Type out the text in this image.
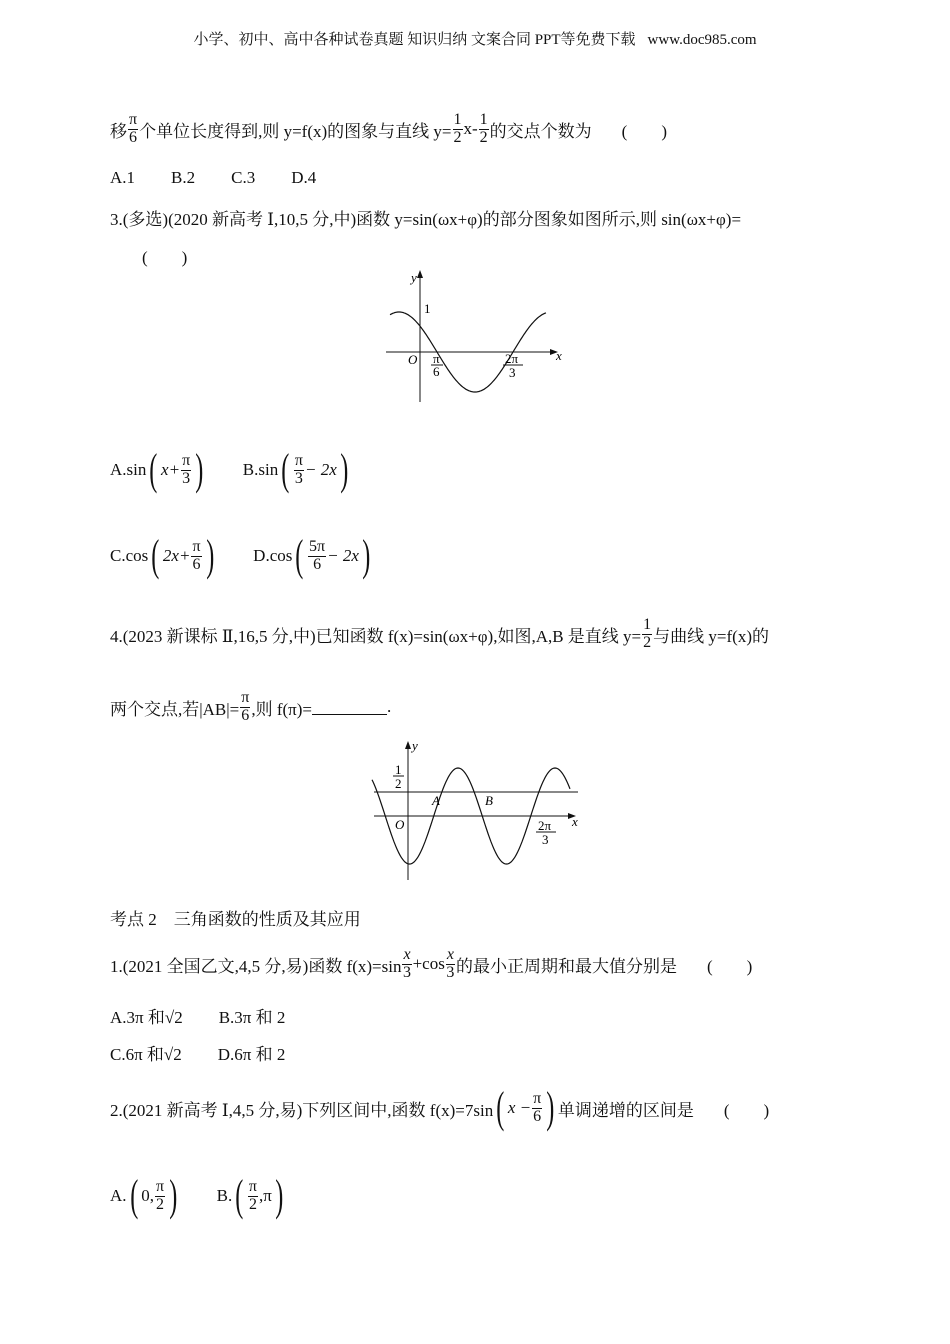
小学、初中、高中各种试卷真题 知识归纳 文案合同 PPT等免费下载 www.doc985.com
移 $\frac{\pi}{6}$ 个单位长度得到,则 y=f(x)的图象与直线 $y= \frac{1}{2} x- \frac{1}{2}$ 的交点个数为 (　　)
A.1 B.2 C.3 D.4
3.(多选)(2020 新高考 Ⅰ,10,5 分,中)函数 y=sin(ωx+φ)的部分图象如图所示,则 sin(ωx+φ)=
(　　)
y
x
1
O π
6
2π
3
y
x
1
2
A	B
O	2π
3
A.sin ( $x+ \frac{\pi}{3}$ ) B.sin ( $\frac{\pi}{3} - 2x$ )
C.cos ( $2x+ \frac{\pi}{6}$ ) D.cos ( $\frac{5\pi}{6} - 2x$ )
4.(2023 新课标 Ⅱ,16,5 分,中)已知函数 f(x)=sin(ωx+φ),如图,A,B 是直线 $y= \frac{1}{2}$ 与曲线 y=f(x)的
两个交点,若$|AB|= \frac{\pi}{6}$ ,则 f(π)=	.
考点 2　三角函数的性质及其应用
1.(2021 全国乙文,4,5 分,易)函数 $f(x)=\sin \frac{x}{3} +\cos \frac{x}{3}$ 的最小正周期和最大值分别是 (　　)
A.3π 和√2 B.3π 和 2
C.6π 和√2 D.6π 和 2
2.(2021 新高考 Ⅰ,4,5 分,易)下列区间中,函数 f(x)=7sin ( $x - \frac{\pi}{6}$ ) 单调递增的区间是 (　　)
A. ( 0, $\frac{\pi}{2}$ ) B. ( $\frac{\pi}{2} ,\pi$ )
